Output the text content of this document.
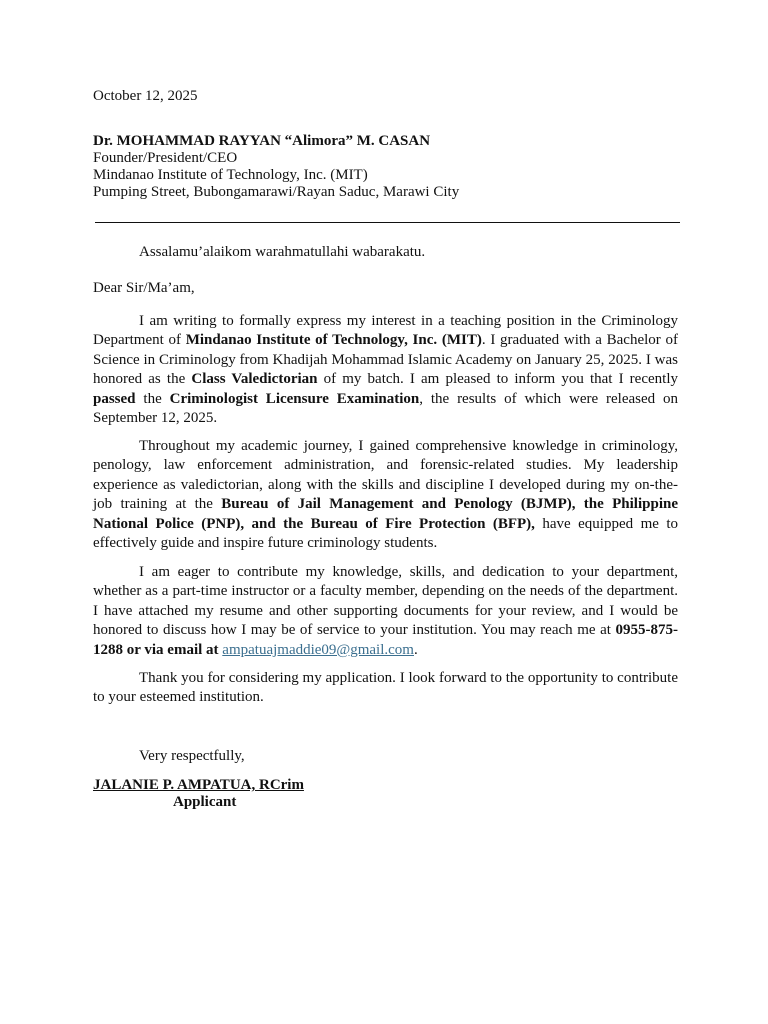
October 12, 2025
Dr. MOHAMMAD RAYYAN “Alimora” M. CASAN
Founder/President/CEO
Mindanao Institute of Technology, Inc. (MIT)
Pumping Street, Bubongamarawi/Rayan Saduc, Marawi City
Assalamu’alaikom warahmatullahi wabarakatu.
Dear Sir/Ma’am,
I am writing to formally express my interest in a teaching position in the Criminology Department of Mindanao Institute of Technology, Inc. (MIT). I graduated with a Bachelor of Science in Criminology from Khadijah Mohammad Islamic Academy on January 25, 2025. I was honored as the Class Valedictorian of my batch. I am pleased to inform you that I recently passed the Criminologist Licensure Examination, the results of which were released on September 12, 2025.
Throughout my academic journey, I gained comprehensive knowledge in criminology, penology, law enforcement administration, and forensic-related studies. My leadership experience as valedictorian, along with the skills and discipline I developed during my on-the-job training at the Bureau of Jail Management and Penology (BJMP), the Philippine National Police (PNP), and the Bureau of Fire Protection (BFP), have equipped me to effectively guide and inspire future criminology students.
I am eager to contribute my knowledge, skills, and dedication to your department, whether as a part-time instructor or a faculty member, depending on the needs of the department. I have attached my resume and other supporting documents for your review, and I would be honored to discuss how I may be of service to your institution. You may reach me at 0955-875-1288 or via email at ampatuajmaddie09@gmail.com.
Thank you for considering my application. I look forward to the opportunity to contribute to your esteemed institution.
Very respectfully,
JALANIE P. AMPATUA, RCrim
Applicant
